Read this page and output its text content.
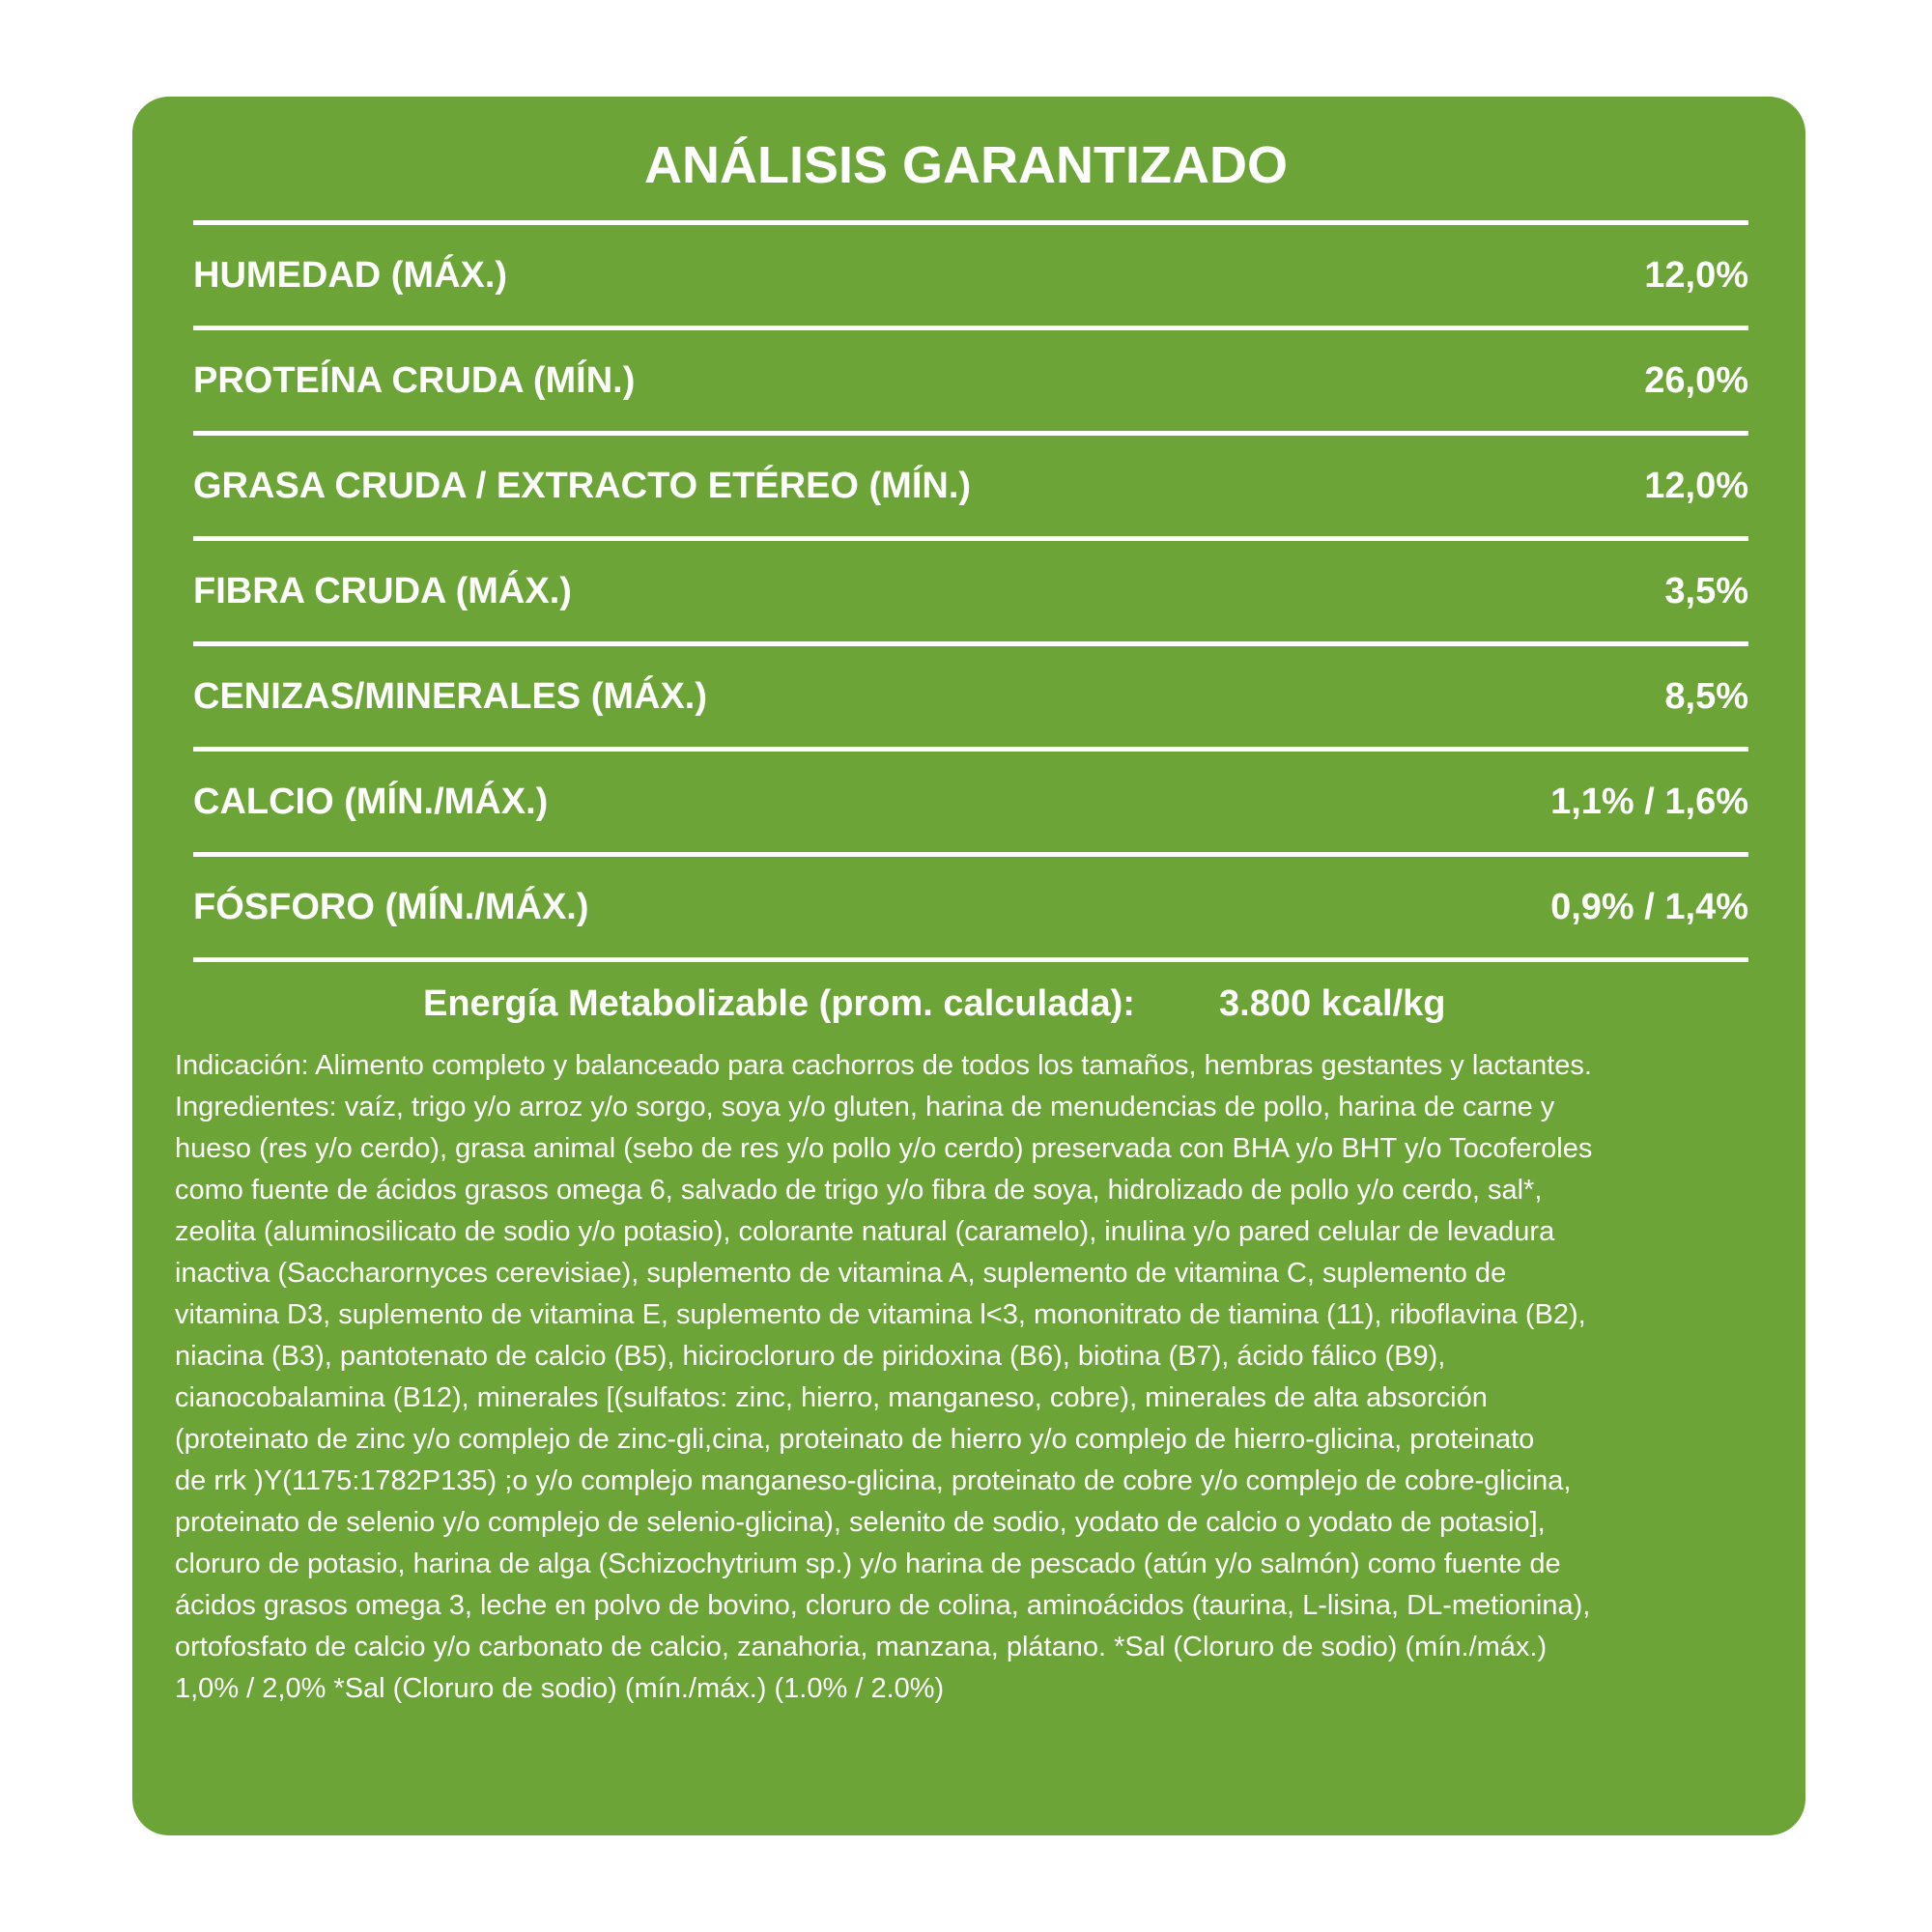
ANÁLISIS GARANTIZADO
HUMEDAD (MÁX.)	12,0%
PROTEÍNA CRUDA (MÍN.)	26,0%
GRASA CRUDA / EXTRACTO ETÉREO (MÍN.)	12,0%
FIBRA CRUDA (MÁX.)	3,5%
CENIZAS/MINERALES (MÁX.)	8,5%
CALCIO (MÍN./MÁX.)	1,1% / 1,6%
FÓSFORO (MÍN./MÁX.)	0,9% / 1,4%
Energía Metabolizable (prom. calculada): 3.800 kcal/kg
Indicación: Alimento completo y balanceado para cachorros de todos los tamaños, hembras gestantes y lactantes.
Ingredientes: vaíz, trigo y/o arroz y/o sorgo, soya y/o gluten, harina de menudencias de pollo, harina de carne y
hueso (res y/o cerdo), grasa animal (sebo de res y/o pollo y/o cerdo) preservada con BHA y/o BHT y/o Tocoferoles
como fuente de ácidos grasos omega 6, salvado de trigo y/o fibra de soya, hidrolizado de pollo y/o cerdo, sal*,
zeolita (aluminosilicato de sodio y/o potasio), colorante natural (caramelo), inulina y/o pared celular de levadura
inactiva (Saccharornyces cerevisiae), suplemento de vitamina A, suplemento de vitamina C, suplemento de
vitamina D3, suplemento de vitamina E, suplemento de vitamina l<3, mononitrato de tiamina (11), riboflavina (B2),
niacina (B3), pantotenato de calcio (B5), hicirocloruro de piridoxina (B6), biotina (B7), ácido fálico (B9),
cianocobalamina (B12), minerales [(sulfatos: zinc, hierro, manganeso, cobre), minerales de alta absorción
(proteinato de zinc y/o complejo de zinc-gli,cina, proteinato de hierro y/o complejo de hierro-glicina, proteinato
de rrk )Y(1175:1782P135) ;o y/o complejo manganeso-glicina, proteinato de cobre y/o complejo de cobre-glicina,
proteinato de selenio y/o complejo de selenio-glicina), selenito de sodio, yodato de calcio o yodato de potasio],
cloruro de potasio, harina de alga (Schizochytrium sp.) y/o harina de pescado (atún y/o salmón) como fuente de
ácidos grasos omega 3, leche en polvo de bovino, cloruro de colina, aminoácidos (taurina, L-lisina, DL-metionina),
ortofosfato de calcio y/o carbonato de calcio, zanahoria, manzana, plátano. *Sal (Cloruro de sodio) (mín./máx.)
1,0% / 2,0% *Sal (Cloruro de sodio) (mín./máx.) (1.0% / 2.0%)
